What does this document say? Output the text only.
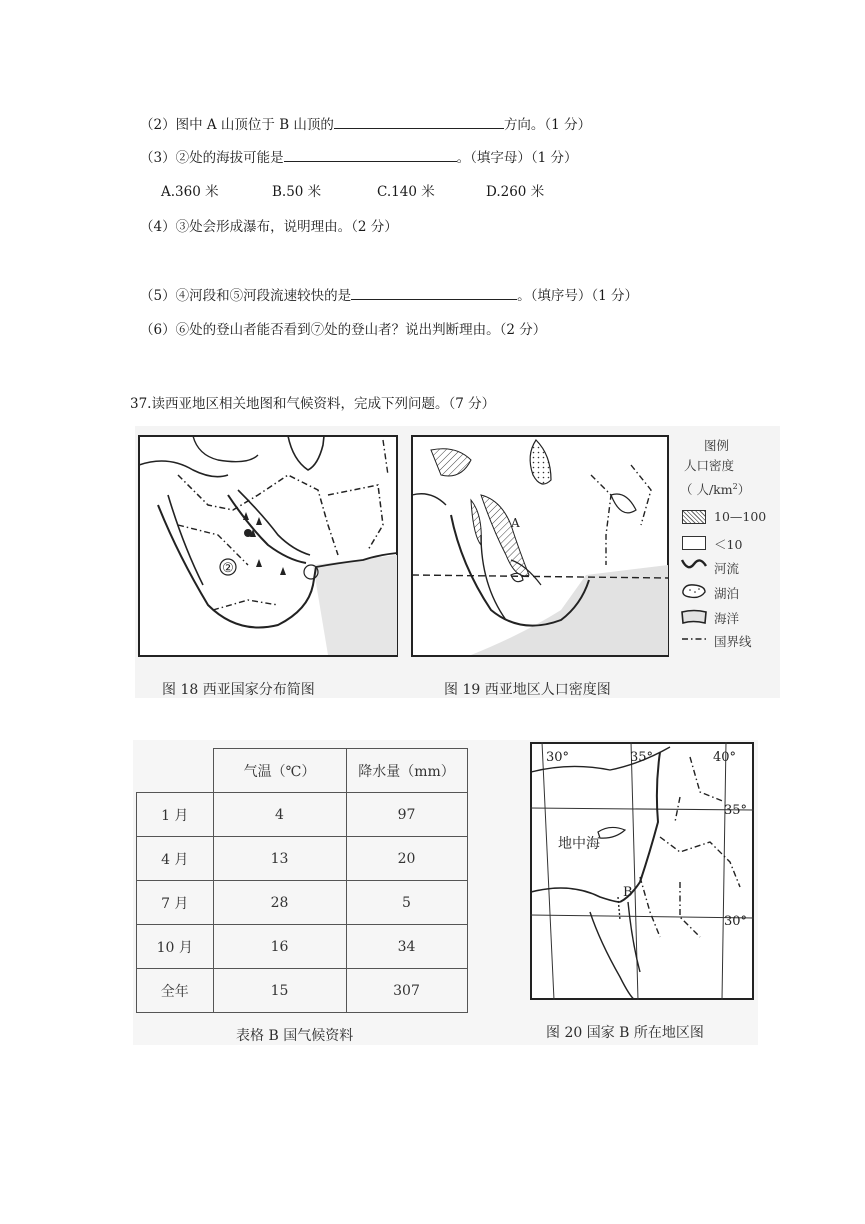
（2）图中 A 山顶位于 B 山顶的	方向。（1 分）
（3）②处的海拔可能是	。（填字母）（1 分）
A.360 米	B.50 米	C.140 米	D.260 米
（4）③处会形成瀑布，说明理由。（2 分）
（5）④河段和⑤河段流速较快的是	。（填序号）（1 分）
（6）⑥处的登山者能否看到⑦处的登山者？说出判断理由。（2 分）
37.读西亚地区相关地图和气候资料，完成下列问题。（7 分）
②
A
图例
人口密度
（ 人$/km^2$）
10—100
＜10
河流
湖泊
海洋
国界线
图 18 西亚国家分布简图	图 19 西亚地区人口密度图
	气温（℃）	降水量（mm）
1 月	4	97
4 月	13	20
7 月	28	5
10 月	16	34
全年	15	307
表格 B 国气候资料
30°	35°	40°
35°
30°
地中海
B
图 20 国家 B 所在地区图
